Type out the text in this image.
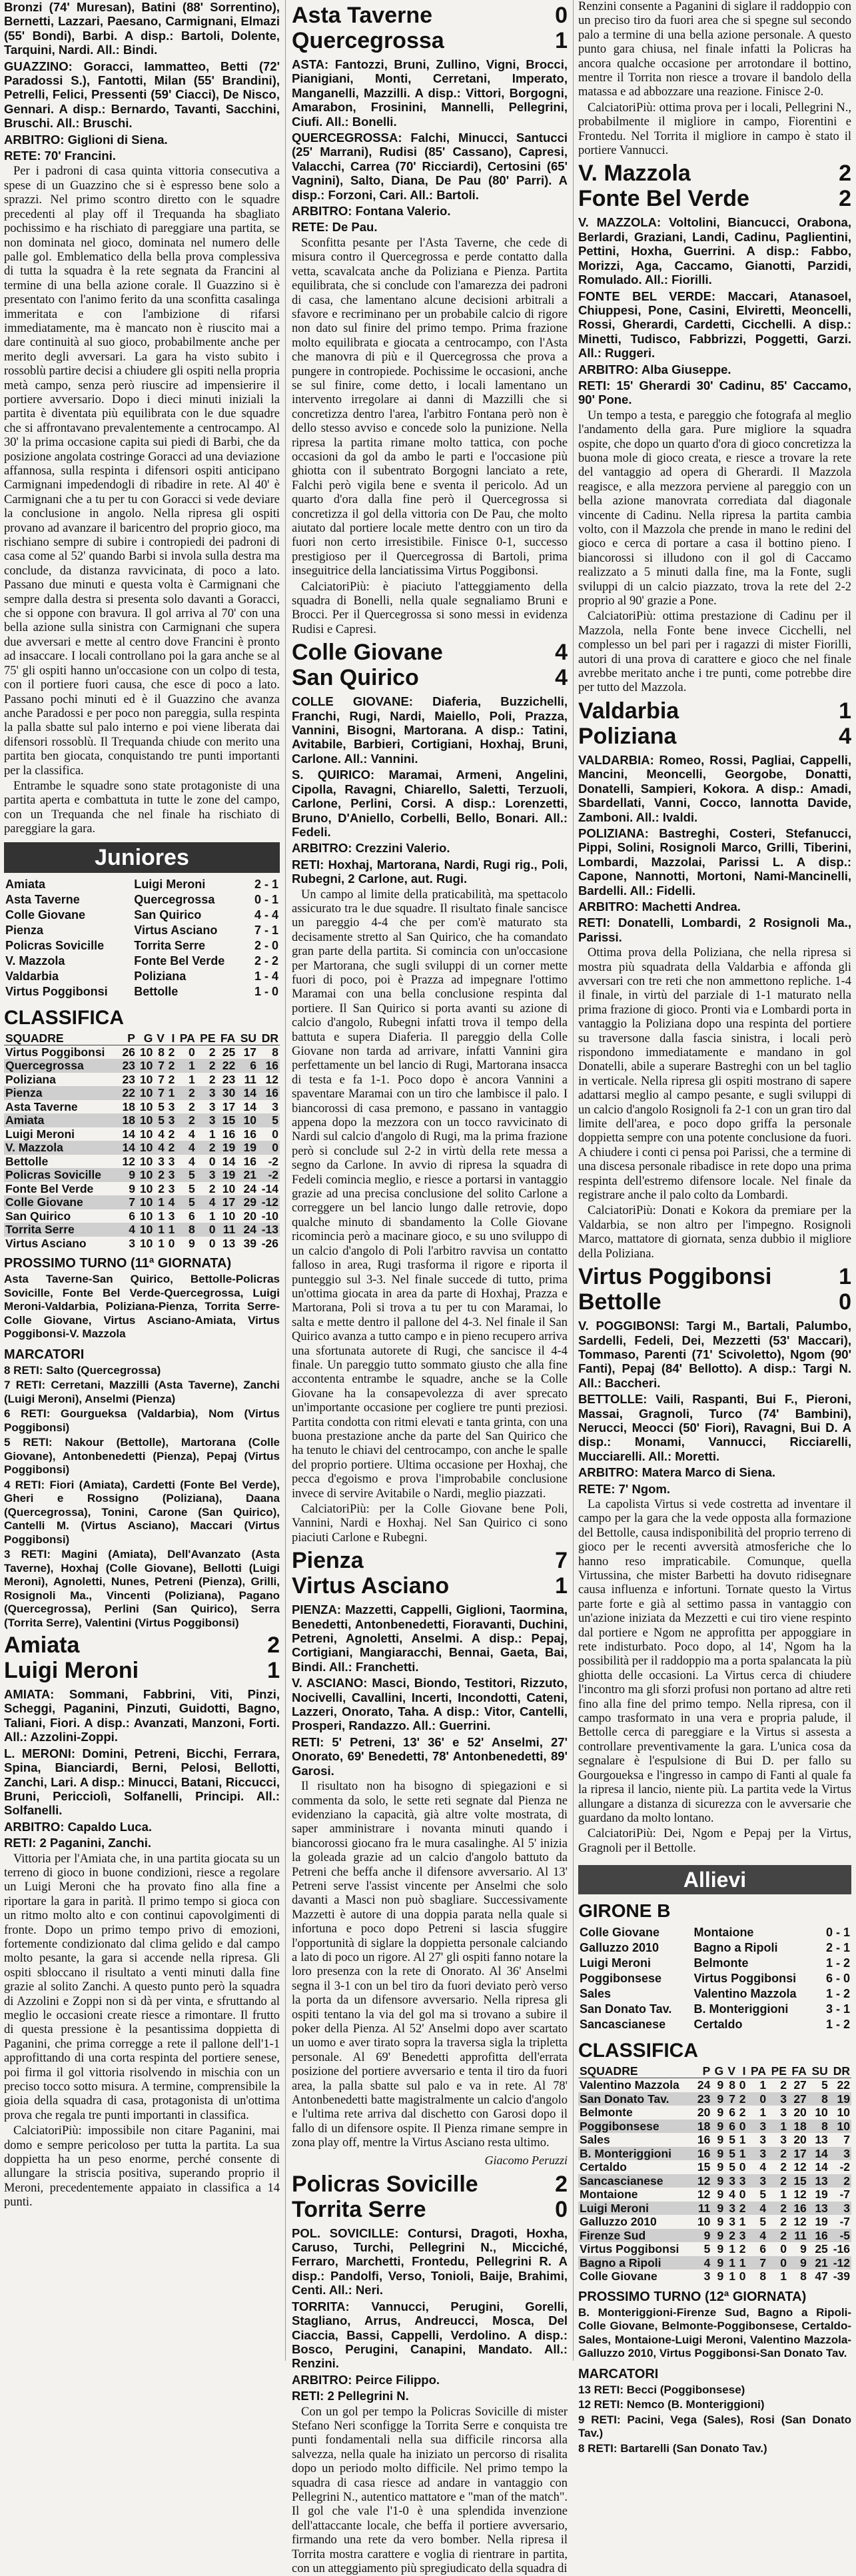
Bronzi (74' Muresan), Batini (88' Sorrentino), Bernetti, Lazzari, Paesano, Carmignani, Elmazi (55' Bondi), Barbi. A disp.: Bartoli, Dolente, Tarquini, Nardi. All.: Bindi.
GUAZZINO: Goracci, Iammatteo, Betti (72' Paradossi S.), Fantotti, Milan (55' Brandini), Petrelli, Felici, Pressenti (59' Ciacci), De Nisco, Gennari. A disp.: Bernardo, Tavanti, Sacchini, Bruschi. All.: Bruschi.
ARBITRO: Giglioni di Siena.
RETE: 70' Francini.

Per i padroni di casa quinta vittoria consecutiva a spese di un Guazzino che si è espresso bene solo a sprazzi. Nel primo scontro diretto con le squadre precedenti al play off il Trequanda ha sbagliato pochissimo e ha rischiato di pareggiare una partita, se non dominata nel gioco, dominata nel numero delle palle gol. Emblematico della bella prova complessiva di tutta la squadra è la rete segnata da Francini al termine di una bella azione corale. Il Guazzino si è presentato con l'animo ferito da una sconfitta casalinga immeritata e con l'ambizione di rifarsi immediatamente, ma è mancato non è riuscito mai a dare continuità al suo gioco, probabilmente anche per merito degli avversari. La gara ha visto subito i rossoblù partire decisi a chiudere gli ospiti nella propria metà campo, senza però riuscire ad impensierire il portiere avversario. Dopo i dieci minuti iniziali la partita è diventata più equilibrata con le due squadre che si affrontavano prevalentemente a centrocampo. Al 30' la prima occasione capita sui piedi di Barbi, che da posizione angolata costringe Goracci ad una deviazione affannosa, sulla respinta i difensori ospiti anticipano Carmignani impedendogli di ribadire in rete. Al 40' è Carmignani che a tu per tu con Goracci si vede deviare la conclusione in angolo. Nella ripresa gli ospiti provano ad avanzare il baricentro del proprio gioco, ma rischiano sempre di subire i contropiedi dei padroni di casa come al 52' quando Barbi si invola sulla destra ma conclude, da distanza ravvicinata, di poco a lato. Passano due minuti e questa volta è Carmignani che sempre dalla destra si presenta solo davanti a Goracci, che si oppone con bravura. Il gol arriva al 70' con una bella azione sulla sinistra con Carmignani che supera due avversari e mette al centro dove Francini è pronto ad insaccare. I locali controllano poi la gara anche se al 75' gli ospiti hanno un'occasione con un colpo di testa, con il portiere fuori causa, che esce di poco a lato. Passano pochi minuti ed è il Guazzino che avanza anche Paradossi e per poco non pareggia, sulla respinta la palla sbatte sul palo interno e poi viene liberata dai difensori rossoblù. Il Trequanda chiude con merito una partita ben giocata, conquistando tre punti importanti per la classifica.

Entrambe le squadre sono state protagoniste di una partita aperta e combattuta in tutte le zone del campo, con un Trequanda che nel finale ha rischiato di pareggiare la gara.

Juniores
Amiata	Luigi Meroni	2 - 1
Asta Taverne	Quercegrossa	0 - 1
Colle Giovane	San Quirico	4 - 4
Pienza	Virtus Asciano	7 - 1
Policras Sovicille	Torrita Serre	2 - 0
V. Mazzola	Fonte Bel Verde	2 - 2
Valdarbia	Poliziana	1 - 4
Virtus Poggibonsi	Bettolle	1 - 0
CLASSIFICA
SQUADRE	P	G	V	I	PA	PE	FA	SU	DR
Virtus Poggibonsi	26	10	8	2	0	2	25	17	8
Quercegrossa	23	10	7	2	1	2	22	6	16
Poliziana	23	10	7	2	1	2	23	11	12
Pienza	22	10	7	1	2	3	30	14	16
Asta Taverne	18	10	5	3	2	3	17	14	3
Amiata	18	10	5	3	2	3	15	10	5
Luigi Meroni	14	10	4	2	4	1	16	16	0
V. Mazzola	14	10	4	2	4	2	19	19	0
Bettolle	12	10	3	3	4	0	14	16	-2
Policras Sovicille	9	10	2	3	5	3	19	21	-2
Fonte Bel Verde	9	10	2	3	5	2	10	24	-14
Colle Giovane	7	10	1	4	5	4	17	29	-12
San Quirico	6	10	1	3	6	1	10	20	-10
Torrita Serre	4	10	1	1	8	0	11	24	-13
Virtus Asciano	3	10	1	0	9	0	13	39	-26
PROSSIMO TURNO (11ª GIORNATA)
Asta Taverne-San Quirico, Bettolle-Policras Sovicille, Fonte Bel Verde-Quercegrossa, Luigi Meroni-Valdarbia, Poliziana-Pienza, Torrita Serre-Colle Giovane, Virtus Asciano-Amiata, Virtus Poggibonsi-V. Mazzola
MARCATORI
8 RETI: Salto (Quercegrossa)
7 RETI: Cerretani, Mazzilli (Asta Taverne), Zanchi (Luigi Meroni), Anselmi (Pienza)
6 RETI: Gourgueksa (Valdarbia), Nom (Virtus Poggibonsi)
5 RETI: Nakour (Bettolle), Martorana (Colle Giovane), Antonbenedetti (Pienza), Pepaj (Virtus Poggibonsi)
4 RETI: Fiori (Amiata), Cardetti (Fonte Bel Verde), Gheri e Rossigno (Poliziana), Daana (Quercegrossa), Tonini, Carone (San Quirico), Cantelli M. (Virtus Asciano), Maccari (Virtus Poggibonsi)
3 RETI: Magini (Amiata), Dell'Avanzato (Asta Taverne), Hoxhaj (Colle Giovane), Bellotti (Luigi Meroni), Agnoletti, Nunes, Petreni (Pienza), Grilli, Rosignoli Ma., Vincenti (Poliziana), Pagano (Quercegrossa), Perlini (San Quirico), Serra (Torrita Serre), Valentini (Virtus Poggibonsi)
Amiata	2
Luigi Meroni	1
AMIATA: Sommani, Fabbrini, Viti, Pinzi, Scheggi, Paganini, Pinzuti, Guidotti, Bagno, Taliani, Fiori. A disp.: Avanzati, Manzoni, Forti. All.: Azzolini-Zoppi.
L. MERONI: Domini, Petreni, Bicchi, Ferrara, Spina, Bianciardi, Berni, Pelosi, Bellotti, Zanchi, Lari. A disp.: Minucci, Batani, Riccucci, Bruni, Pericciolì, Solfanelli, Principi. All.: Solfanelli.
ARBITRO: Capaldo Luca.
RETI: 2 Paganini, Zanchi.

Vittoria per l'Amiata che, in una partita giocata su un terreno di gioco in buone condizioni, riesce a regolare un Luigi Meroni che ha provato fino alla fine a riportare la gara in parità. Il primo tempo si gioca con un ritmo molto alto e con continui capovolgimenti di fronte. Dopo un primo tempo privo di emozioni, fortemente condizionato dal clima gelido e dal campo molto pesante, la gara si accende nella ripresa. Gli ospiti sbloccano il risultato a venti minuti dalla fine grazie al solito Zanchi. A questo punto però la squadra di Azzolini e Zoppi non si dà per vinta, e sfruttando al meglio le occasioni create riesce a rimontare. Il frutto di questa pressione è la pesantissima doppietta di Paganini, che prima corregge a rete il pallone dell'1-1 approfittando di una corta respinta del portiere senese, poi firma il gol vittoria risolvendo in mischia con un preciso tocco sotto misura. A termine, comprensibile la gioia della squadra di casa, protagonista di un'ottima prova che regala tre punti importanti in classifica.

CalciatoriPiù: impossibile non citare Paganini, mai domo e sempre pericoloso per tutta la partita. La sua doppietta ha un peso enorme, perché consente di allungare la striscia positiva, superando proprio il Meroni, precedentemente appaiato in classifica a 14 punti.

Asta Taverne	0
Quercegrossa	1
ASTA: Fantozzi, Bruni, Zullino, Vigni, Brocci, Pianigiani, Monti, Cerretani, Imperato, Manganelli, Mazzilli. A disp.: Vittori, Borgogni, Amarabon, Frosinini, Mannelli, Pellegrini, Ciufi. All.: Bonelli.
QUERCEGROSSA: Falchi, Minucci, Santucci (25' Marrani), Rudisi (85' Cassano), Capresi, Valacchi, Carrea (70' Ricciardi), Certosini (65' Vagnini), Salto, Diana, De Pau (80' Parri). A disp.: Forzoni, Cari. All.: Bartoli.
ARBITRO: Fontana Valerio.
RETE: De Pau.

Sconfitta pesante per l'Asta Taverne, che cede di misura contro il Quercegrossa e perde contatto dalla vetta, scavalcata anche da Poliziana e Pienza. Partita equilibrata, che si conclude con l'amarezza dei padroni di casa, che lamentano alcune decisioni arbitrali a sfavore e recriminano per un probabile calcio di rigore non dato sul finire del primo tempo. Prima frazione molto equilibrata e giocata a centrocampo, con l'Asta che manovra di più e il Quercegrossa che prova a pungere in contropiede. Pochissime le occasioni, anche se sul finire, come detto, i locali lamentano un intervento irregolare ai danni di Mazzilli che si concretizza dentro l'area, l'arbitro Fontana però non è dello stesso avviso e concede solo la punizione. Nella ripresa la partita rimane molto tattica, con poche occasioni da gol da ambo le parti e l'occasione più ghiotta con il subentrato Borgogni lanciato a rete, Falchi però vigila bene e sventa il pericolo. Ad un quarto d'ora dalla fine però il Quercegrossa si concretizza il gol della vittoria con De Pau, che molto aiutato dal portiere locale mette dentro con un tiro da fuori non certo irresistibile. Finisce 0-1, successo prestigioso per il Quercegrossa di Bartoli, prima inseguitrice della lanciatissima Virtus Poggibonsi.

CalciatoriPiù: è piaciuto l'atteggiamento della squadra di Bonelli, nella quale segnaliamo Bruni e Brocci. Per il Quercegrossa si sono messi in evidenza Rudisi e Capresi.

Colle Giovane	4
San Quirico	4
COLLE GIOVANE: Diaferia, Buzzichelli, Franchi, Rugi, Nardi, Maiello, Poli, Prazza, Vannini, Bisogni, Martorana. A disp.: Tatini, Avitabile, Barbieri, Cortigiani, Hoxhaj, Bruni, Carlone. All.: Vannini.
S. QUIRICO: Maramai, Armeni, Angelini, Cipolla, Ravagni, Chiarello, Saletti, Terzuoli, Carlone, Perlini, Corsi. A disp.: Lorenzetti, Bruno, D'Aniello, Corbelli, Bello, Bonari. All.: Fedeli.
ARBITRO: Crezzini Valerio.
RETI: Hoxhaj, Martorana, Nardi, Rugi rig., Poli, Rubegni, 2 Carlone, aut. Rugi.

Un campo al limite della praticabilità, ma spettacolo assicurato tra le due squadre. Il risultato finale sancisce un pareggio 4-4 che per com'è maturato sta decisamente stretto al San Quirico, che ha comandato gran parte della partita. Si comincia con un'occasione per Martorana, che sugli sviluppi di un corner mette fuori di poco, poi è Prazza ad impegnare l'ottimo Maramai con una bella conclusione respinta dal portiere. Il San Quirico si porta avanti su azione di calcio d'angolo, Rubegni infatti trova il tempo della battuta e supera Diaferia. Il pareggio della Colle Giovane non tarda ad arrivare, infatti Vannini gira perfettamente un bel lancio di Rugi, Martorana insacca di testa e fa 1-1. Poco dopo è ancora Vannini a spaventare Maramai con un tiro che lambisce il palo. I biancorossi di casa premono, e passano in vantaggio appena dopo la mezzora con un tocco ravvicinato di Nardi sul calcio d'angolo di Rugi, ma la prima frazione però si conclude sul 2-2 in virtù della rete messa a segno da Carlone. In avvio di ripresa la squadra di Fedeli comincia meglio, e riesce a portarsi in vantaggio grazie ad una precisa conclusione del solito Carlone a correggere un bel lancio lungo dalle retrovie, dopo qualche minuto di sbandamento la Colle Giovane ricomincia però a macinare gioco, e su uno sviluppo di un calcio d'angolo di Poli l'arbitro ravvisa un contatto falloso in area, Rugi trasforma il rigore e riporta il punteggio sul 3-3. Nel finale succede di tutto, prima un'ottima giocata in area da parte di Hoxhaj, Prazza e Martorana, Poli si trova a tu per tu con Maramai, lo salta e mette dentro il pallone del 4-3. Nel finale il San Quirico avanza a tutto campo e in pieno recupero arriva una sfortunata autorete di Rugi, che sancisce il 4-4 finale. Un pareggio tutto sommato giusto che alla fine accontenta entrambe le squadre, anche se la Colle Giovane ha la consapevolezza di aver sprecato un'importante occasione per cogliere tre punti preziosi. Partita condotta con ritmi elevati e tanta grinta, con una buona prestazione anche da parte del San Quirico che ha tenuto le chiavi del centrocampo, con anche le spalle del proprio portiere. Ultima occasione per Hoxhaj, che pecca d'egoismo e prova l'improbabile conclusione invece di servire Avitabile o Nardi, meglio piazzati.

CalciatoriPiù: per la Colle Giovane bene Poli, Vannini, Nardi e Hoxhaj. Nel San Quirico ci sono piaciuti Carlone e Rubegni.

Pienza	7
Virtus Asciano	1
PIENZA: Mazzetti, Cappelli, Giglioni, Taormina, Benedetti, Antonbenedetti, Fioravanti, Duchini, Petreni, Agnoletti, Anselmi. A disp.: Pepaj, Cortigiani, Mangiaracchi, Bennai, Gaeta, Bai, Bindi. All.: Franchetti.
V. ASCIANO: Masci, Biondo, Testitori, Rizzuto, Nocivelli, Cavallini, Incerti, Incondotti, Cateni, Lazzeri, Onorato, Taha. A disp.: Vitor, Cantelli, Prosperi, Randazzo. All.: Guerrini.
RETI: 5' Petreni, 13' 36' e 52' Anselmi, 27' Onorato, 69' Benedetti, 78' Antonbenedetti, 89' Garosi.

Il risultato non ha bisogno di spiegazioni e si commenta da solo, le sette reti segnate dal Pienza ne evidenziano la capacità, già altre volte mostrata, di saper amministrare i novanta minuti quando i biancorossi giocano fra le mura casalinghe. Al 5' inizia la goleada grazie ad un calcio d'angolo battuto da Petreni che beffa anche il difensore avversario. Al 13' Petreni serve l'assist vincente per Anselmi che solo davanti a Masci non può sbagliare. Successivamente Mazzetti è autore di una doppia parata nella quale si infortuna e poco dopo Petreni si lascia sfuggire l'opportunità di siglare la doppietta personale calciando a lato di poco un rigore. Al 27' gli ospiti fanno notare la loro presenza con la rete di Onorato. Al 36' Anselmi segna il 3-1 con un bel tiro da fuori deviato però verso la porta da un difensore avversario. Nella ripresa gli ospiti tentano la via del gol ma si trovano a subire il poker della Pienza. Al 52' Anselmi dopo aver scartato un uomo e aver tirato sopra la traversa sigla la tripletta personale. Al 69' Benedetti approfitta dell'errata posizione del portiere avversario e tenta il tiro da fuori area, la palla sbatte sul palo e va in rete. Al 78' Antonbenedetti batte magistralmente un calcio d'angolo e l'ultima rete arriva dal dischetto con Garosi dopo il fallo di un difensore ospite. Il Pienza rimane sempre in zona play off, mentre la Virtus Asciano resta ultimo.

Giacomo Peruzzi
Policras Sovicille	2
Torrita Serre	0
POL. SOVICILLE: Contursi, Dragoti, Hoxha, Caruso, Turchi, Pellegrini N., Micciché, Ferraro, Marchetti, Frontedu, Pellegrini R. A disp.: Pandolfi, Verso, Tonioli, Baije, Brahimi, Centi. All.: Neri.
TORRITA: Vannucci, Perugini, Gorelli, Stagliano, Arrus, Andreucci, Mosca, Del Ciaccia, Bassi, Cappelli, Verdolino. A disp.: Bosco, Perugini, Canapini, Mandato. All.: Renzini.
ARBITRO: Peirce Filippo.
RETI: 2 Pellegrini N.

Con un gol per tempo la Policras Sovicille di mister Stefano Neri sconfigge la Torrita Serre e conquista tre punti fondamentali nella sua difficile rincorsa alla salvezza, nella quale ha iniziato un percorso di risalita dopo un periodo molto difficile. Nel primo tempo la squadra di casa riesce ad andare in vantaggio con Pellegrini N., autentico mattatore e "man of the match". Il gol che vale l'1-0 è una splendida invenzione dell'attaccante locale, che beffa il portiere avversario, firmando una rete da vero bomber. Nella ripresa il Torrita mostra carattere e voglia di rientrare in partita, con un atteggiamento più spregiudicato della squadra di

Renzini consente a Paganini di siglare il raddoppio con un preciso tiro da fuori area che si spegne sul secondo palo a termine di una bella azione personale. A questo punto gara chiusa, nel finale infatti la Policras ha ancora qualche occasione per arrotondare il bottino, mentre il Torrita non riesce a trovare il bandolo della matassa e ad abbozzare una reazione. Finisce 2-0.

CalciatoriPiù: ottima prova per i locali, Pellegrini N., probabilmente il migliore in campo, Fiorentini e Frontedu. Nel Torrita il migliore in campo è stato il portiere Vannucci.

V. Mazzola	2
Fonte Bel Verde	2
V. MAZZOLA: Voltolini, Biancucci, Orabona, Berlardi, Graziani, Landi, Cadinu, Paglientini, Pettini, Hoxha, Guerrini. A disp.: Fabbo, Morizzi, Aga, Caccamo, Gianotti, Parzidi, Romulado. All.: Fiorilli.
FONTE BEL VERDE: Maccari, Atanasoel, Chiuppesi, Pone, Casini, Elviretti, Meoncelli, Rossi, Gherardi, Cardetti, Cicchelli. A disp.: Minetti, Tudisco, Fabbrizzi, Poggetti, Garzi. All.: Ruggeri.
ARBITRO: Alba Giuseppe.
RETI: 15' Gherardi 30' Cadinu, 85' Caccamo, 90' Pone.

Un tempo a testa, e pareggio che fotografa al meglio l'andamento della gara. Pure migliore la squadra ospite, che dopo un quarto d'ora di gioco concretizza la buona mole di gioco creata, e riesce a trovare la rete del vantaggio ad opera di Gherardi. Il Mazzola reagisce, e alla mezzora perviene al pareggio con un bella azione manovrata corrediata dal diagonale vincente di Cadinu. Nella ripresa la partita cambia volto, con il Mazzola che prende in mano le redini del gioco e cerca di portare a casa il bottino pieno. I biancorossi si illudono con il gol di Caccamo realizzato a 5 minuti dalla fine, ma la Fonte, sugli sviluppi di un calcio piazzato, trova la rete del 2-2 proprio al 90' grazie a Pone.

CalciatoriPiù: ottima prestazione di Cadinu per il Mazzola, nella Fonte bene invece Cicchelli, nel complesso un bel pari per i ragazzi di mister Fiorilli, autori di una prova di carattere e gioco che nel finale avrebbe meritato anche i tre punti, come potrebbe dire per tutto del Mazzola.

Valdarbia	1
Poliziana	4
VALDARBIA: Romeo, Rossi, Pagliai, Cappelli, Mancini, Meoncelli, Georgobe, Donatti, Donatelli, Sampieri, Kokora. A disp.: Amadi, Sbardellati, Vanni, Cocco, lannotta Davide, Zamboni. All.: Ivaldi.
POLIZIANA: Bastreghi, Costeri, Stefanucci, Pippi, Solini, Rosignoli Marco, Grilli, Tiberini, Lombardi, Mazzolai, Parissi L. A disp.: Capone, Nannotti, Mortoni, Nami-Mancinelli, Bardelli. All.: Fidelli.
ARBITRO: Machetti Andrea.
RETI: Donatelli, Lombardi, 2 Rosignoli Ma., Parissi.

Ottima prova della Poliziana, che nella ripresa si mostra più squadrata della Valdarbia e affonda gli avversari con tre reti che non ammettono repliche. 1-4 il finale, in virtù del parziale di 1-1 maturato nella prima frazione di gioco. Pronti via e Lombardi porta in vantaggio la Poliziana dopo una respinta del portiere su traversone dalla fascia sinistra, i locali però rispondono immediatamente e mandano in gol Donatelli, abile a superare Bastreghi con un bel taglio in verticale. Nella ripresa gli ospiti mostrano di sapere adattarsi meglio al campo pesante, e sugli sviluppi di un calcio d'angolo Rosignoli fa 2-1 con un gran tiro dal limite dell'area, e poco dopo griffa la personale doppietta sempre con una potente conclusione da fuori. A chiudere i conti ci pensa poi Parissi, che a termine di una discesa personale ribadisce in rete dopo una prima respinta dell'estremo difensore locale. Nel finale da registrare anche il palo colto da Lombardi.

CalciatoriPiù: Donati e Kokora da premiare per la Valdarbia, se non altro per l'impegno. Rosignoli Marco, mattatore di giornata, senza dubbio il migliore della Poliziana.

Virtus Poggibonsi	1
Bettolle	0
V. POGGIBONSI: Targi M., Bartali, Palumbo, Sardelli, Fedeli, Dei, Mezzetti (53' Maccari), Tommaso, Parenti (71' Scivoletto), Ngom (90' Fanti), Pepaj (84' Bellotto). A disp.: Targi N. All.: Baccheri.
BETTOLLE: Vaili, Raspanti, Bui F., Pieroni, Massai, Gragnoli, Turco (74' Bambini), Nerucci, Meocci (50' Fiori), Ravagni, Bui D. A disp.: Monami, Vannucci, Ricciarelli, Mucciarelli. All.: Moretti.
ARBITRO: Matera Marco di Siena.
RETE: 7' Ngom.

La capolista Virtus si vede costretta ad inventare il campo per la gara che la vede opposta alla formazione del Bettolle, causa indisponibilità del proprio terreno di gioco per le recenti avversità atmosferiche che lo hanno reso impraticabile. Comunque, quella Virtussina, che mister Barbetti ha dovuto ridisegnare causa influenza e infortuni. Tornate questo la Virtus parte forte e già al settimo passa in vantaggio con un'azione iniziata da Mezzetti e cui tiro viene respinto dal portiere e Ngom ne approfitta per appoggiare in rete indisturbato. Poco dopo, al 14', Ngom ha la possibilità per il raddoppio ma a porta spalancata la più ghiotta delle occasioni. La Virtus cerca di chiudere l'incontro ma gli sforzi profusi non portano ad altre reti fino alla fine del primo tempo. Nella ripresa, con il campo trasformato in una vera e propria palude, il Bettolle cerca di pareggiare e la Virtus si assesta a controllare preventivamente la gara. L'unica cosa da segnalare è l'espulsione di Bui D. per fallo su Gourgoueksa e l'ingresso in campo di Fanti al quale fa la ripresa il lancio, niente più. La partita vede la Virtus allungare a distanza di sicurezza con le avversarie che guardano da molto lontano.

CalciatoriPiù: Dei, Ngom e Pepaj per la Virtus, Gragnoli per il Bettolle.

Allievi
GIRONE B
Colle Giovane	Montaione	0 - 1
Galluzzo 2010	Bagno a Ripoli	2 - 1
Luigi Meroni	Belmonte	1 - 2
Poggibonsese	Virtus Poggibonsi	6 - 0
Sales	Valentino Mazzola	1 - 2
San Donato Tav.	B. Monteriggioni	3 - 1
Sancascianese	Certaldo	1 - 2
CLASSIFICA
SQUADRE	P	G	V	I	PA	PE	FA	SU	DR
Valentino Mazzola	24	9	8	0	1	2	27	5	22
San Donato Tav.	23	9	7	2	0	3	27	8	19
Belmonte	20	9	6	2	1	3	20	10	10
Poggibonsese	18	9	6	0	3	1	18	8	10
Sales	16	9	5	1	3	3	20	13	7
B. Monteriggioni	16	9	5	1	3	2	17	14	3
Certaldo	15	9	5	0	4	2	12	14	-2
Sancascianese	12	9	3	3	3	2	15	13	2
Montaione	12	9	4	0	5	1	12	19	-7
Luigi Meroni	11	9	3	2	4	2	16	13	3
Galluzzo 2010	10	9	3	1	5	2	12	19	-7
Firenze Sud	9	9	2	3	4	2	11	16	-5
Virtus Poggibonsi	5	9	1	2	6	0	9	25	-16
Bagno a Ripoli	4	9	1	1	7	0	9	21	-12
Colle Giovane	3	9	1	0	8	1	8	47	-39
PROSSIMO TURNO (12ª GIORNATA)
B. Monteriggioni-Firenze Sud, Bagno a Ripoli-Colle Giovane, Belmonte-Poggibonsese, Certaldo-Sales, Montaione-Luigi Meroni, Valentino Mazzola-Galluzzo 2010, Virtus Poggibonsi-San Donato Tav.
MARCATORI
13 RETI: Becci (Poggibonsese)
12 RETI: Nemco (B. Monteriggioni)
9 RETI: Pacini, Vega (Sales), Rosi (San Donato Tav.)
8 RETI: Bartarelli (San Donato Tav.)
